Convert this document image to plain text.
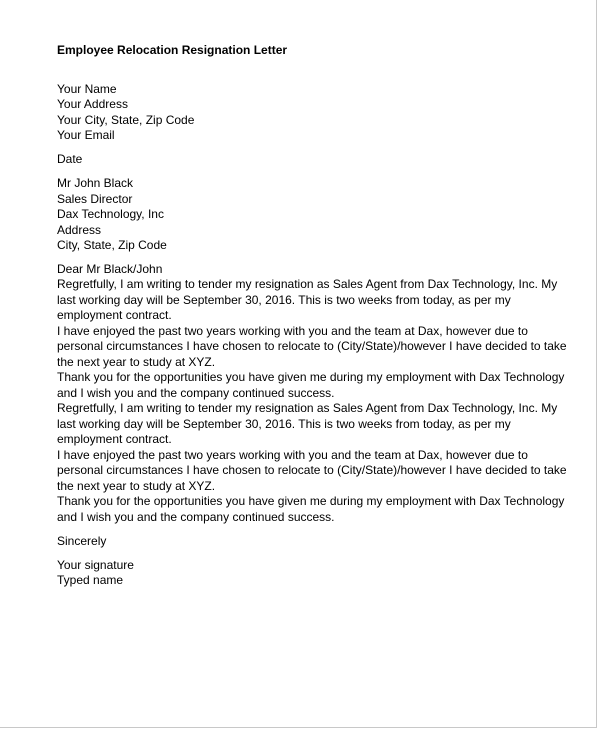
Employee Relocation Resignation Letter
Your Name
Your Address
Your City, State, Zip Code
Your Email
Date
Mr John Black
Sales Director
Dax Technology, Inc
Address
City, State, Zip Code
Dear Mr Black/John

Regretfully, I am writing to tender my resignation as Sales Agent from Dax Technology, Inc. My
last working day will be September 30, 2016. This is two weeks from today, as per my
employment contract.

I have enjoyed the past two years working with you and the team at Dax, however due to
personal circumstances I have chosen to relocate to (City/State)/however I have decided to take
the next year to study at XYZ.

Thank you for the opportunities you have given me during my employment with Dax Technology
and I wish you and the company continued success.

Regretfully, I am writing to tender my resignation as Sales Agent from Dax Technology, Inc. My
last working day will be September 30, 2016. This is two weeks from today, as per my
employment contract.

I have enjoyed the past two years working with you and the team at Dax, however due to
personal circumstances I have chosen to relocate to (City/State)/however I have decided to take
the next year to study at XYZ.

Thank you for the opportunities you have given me during my employment with Dax Technology
and I wish you and the company continued success.

Sincerely
Your signature
Typed name
